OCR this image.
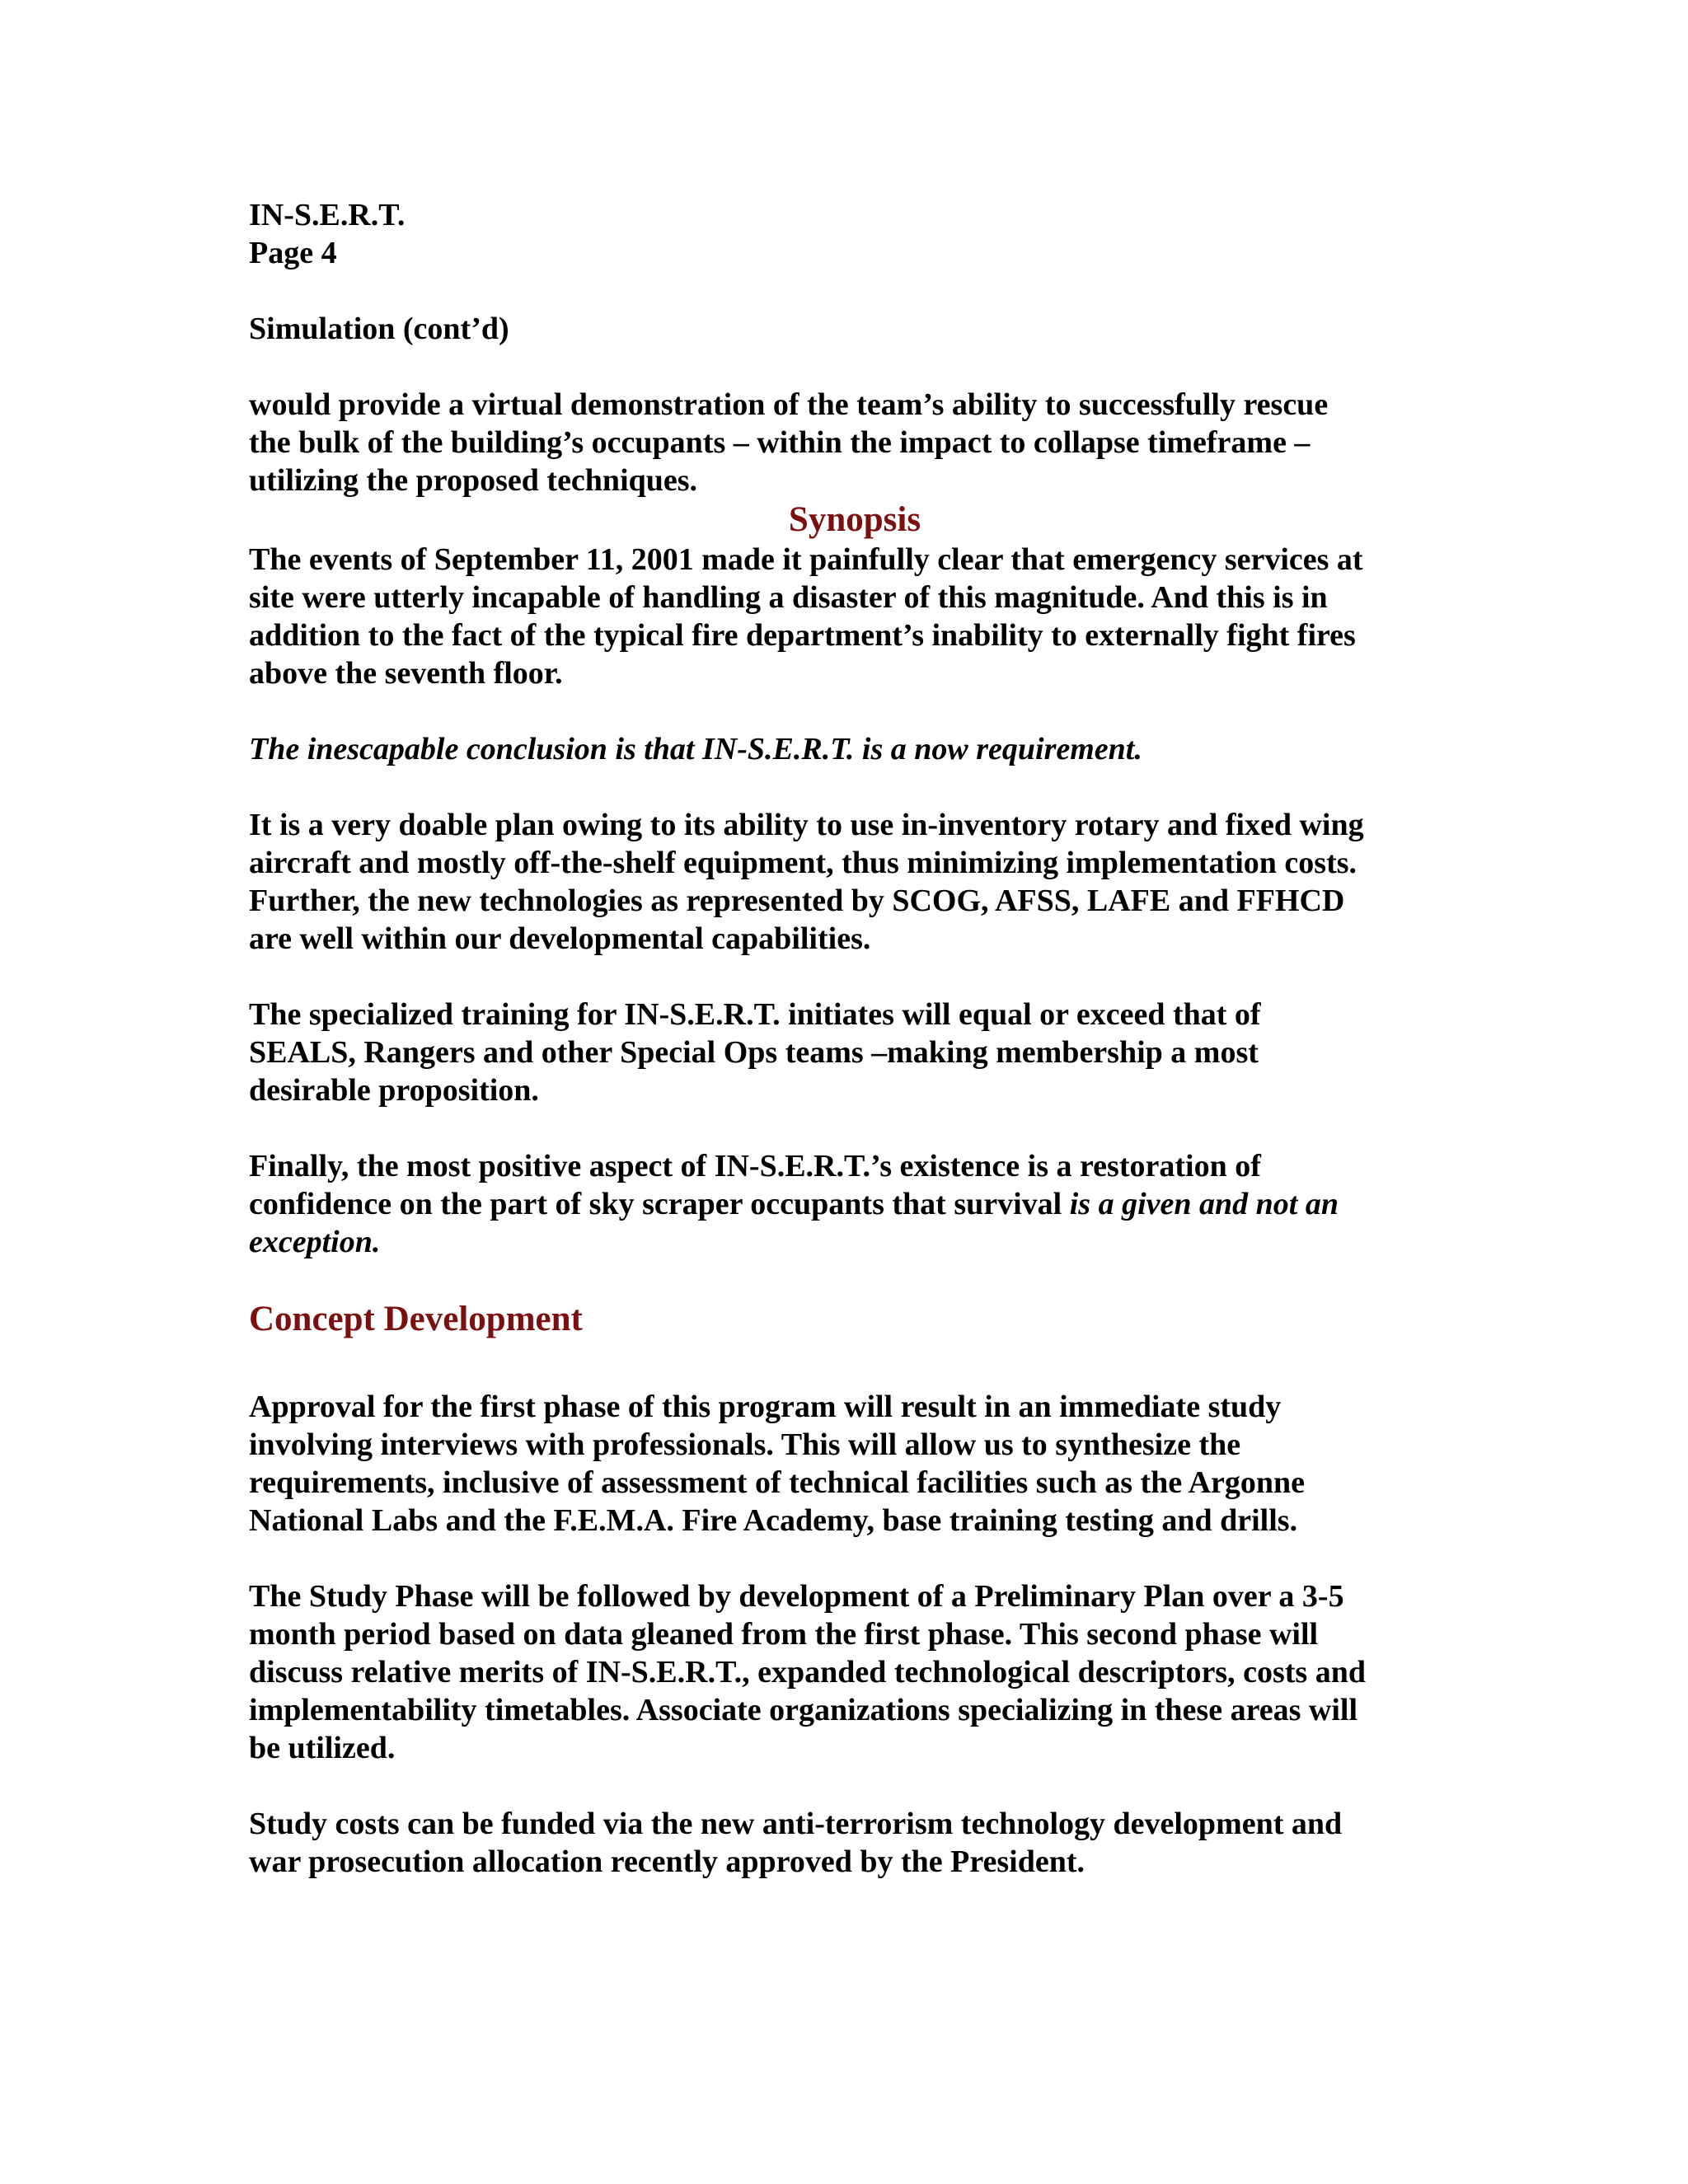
IN-S.E.R.T.
Page 4
Simulation (cont’d)
would provide a virtual demonstration of the team’s ability to successfully rescue
the bulk of the building’s occupants – within the impact to collapse timeframe –
utilizing the proposed techniques.
Synopsis
The events of September 11, 2001 made it painfully clear that emergency services at
site were utterly incapable of handling a disaster of this magnitude. And this is in
addition to the fact of the typical fire department’s inability to externally fight fires
above the seventh floor.
The inescapable conclusion is that IN-S.E.R.T. is a now requirement.
It is a very doable plan owing to its ability to use in-inventory rotary and fixed wing
aircraft and mostly off-the-shelf equipment, thus minimizing implementation costs.
Further, the new technologies as represented by SCOG, AFSS, LAFE and FFHCD
are well within our developmental capabilities.
The specialized training for IN-S.E.R.T. initiates will equal or exceed that of
SEALS, Rangers and other Special Ops teams –making membership a most
desirable proposition.
Finally, the most positive aspect of IN-S.E.R.T.’s existence is a restoration of
confidence on the part of sky scraper occupants that survival is a given and not an
exception.
Concept Development
Approval for the first phase of this program will result in an immediate study
involving interviews with professionals. This will allow us to synthesize the
requirements, inclusive of assessment of technical facilities such as the Argonne
National Labs and the F.E.M.A. Fire Academy, base training testing and drills.
The Study Phase will be followed by development of a Preliminary Plan over a 3-5
month period based on data gleaned from the first phase. This second phase will
discuss relative merits of IN-S.E.R.T., expanded technological descriptors, costs and
implementability timetables. Associate organizations specializing in these areas will
be utilized.
Study costs can be funded via the new anti-terrorism technology development and
war prosecution allocation recently approved by the President.
